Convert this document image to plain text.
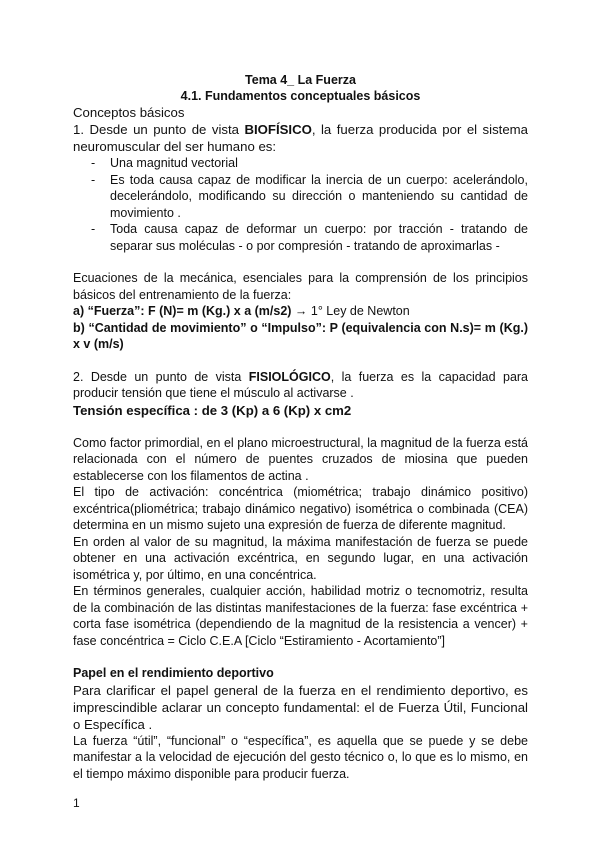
Tema 4_ La Fuerza
4.1. Fundamentos conceptuales básicos

Conceptos básicos

1. Desde un punto de vista BIOFÍSICO, la fuerza producida por el sistema neuromuscular del ser humano es:

- Una magnitud vectorial
- Es toda causa capaz de modificar la inercia de un cuerpo: acelerándolo, decelerándolo, modificando su dirección o manteniendo su cantidad de movimiento .
- Toda causa capaz de deformar un cuerpo: por tracción - tratando de separar sus moléculas - o por compresión - tratando de aproximarlas -

Ecuaciones de la mecánica, esenciales para la comprensión de los principios básicos del entrenamiento de la fuerza:

a) “Fuerza”: F (N)= m (Kg.) x a (m/s2) → 1° Ley de Newton

b) “Cantidad de movimiento” o “Impulso”: P (equivalencia con N.s)= m (Kg.) x v (m/s)

2. Desde un punto de vista FISIOLÓGICO, la fuerza es la capacidad para producir tensión que tiene el músculo al activarse .

Tensión específica : de 3 (Kp) a 6 (Kp) x cm2

Como factor primordial, en el plano microestructural, la magnitud de la fuerza está relacionada con el número de puentes cruzados de miosina que pueden establecerse con los filamentos de actina .

El tipo de activación: concéntrica (miométrica; trabajo dinámico positivo) excéntrica(pliométrica; trabajo dinámico negativo) isométrica o combinada (CEA) determina en un mismo sujeto una expresión de fuerza de diferente magnitud.

En orden al valor de su magnitud, la máxima manifestación de fuerza se puede obtener en una activación excéntrica, en segundo lugar, en una activación isométrica y, por último, en una concéntrica.

En términos generales, cualquier acción, habilidad motriz o tecnomotriz, resulta de la combinación de las distintas manifestaciones de la fuerza: fase excéntrica + corta fase isométrica (dependiendo de la magnitud de la resistencia a vencer) + fase concéntrica = Ciclo C.E.A [Ciclo “Estiramiento - Acortamiento”]

Papel en el rendimiento deportivo

Para clarificar el papel general de la fuerza en el rendimiento deportivo, es imprescindible aclarar un concepto fundamental: el de Fuerza Útil, Funcional o Específica .

La fuerza “útil”, “funcional” o “específica”, es aquella que se puede y se debe manifestar a la velocidad de ejecución del gesto técnico o, lo que es lo mismo, en el tiempo máximo disponible para producir fuerza.

1
